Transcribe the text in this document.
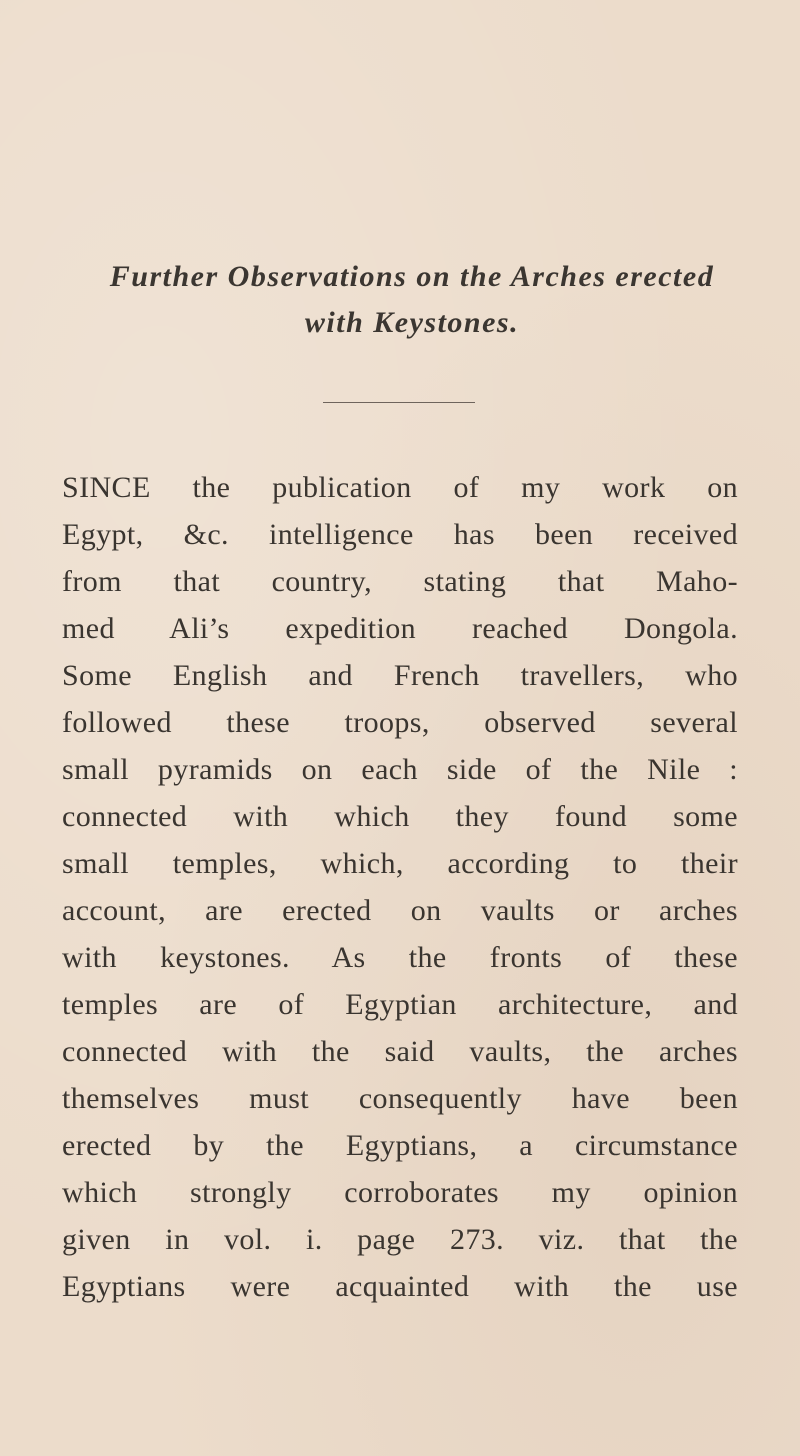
Further Observations on the Arches erected
with Keystones.
SINCE the publication of my work on
Egypt, &c. intelligence has been received
from that country, stating that Maho-
med Ali’s expedition reached Dongola.
Some English and French travellers, who
followed these troops, observed several
small pyramids on each side of the Nile :
connected with which they found some
small temples, which, according to their
account, are erected on vaults or arches
with keystones. As the fronts of these
temples are of Egyptian architecture, and
connected with the said vaults, the arches
themselves must consequently have been
erected by the Egyptians, a circumstance
which strongly corroborates my opinion
given in vol. i. page 273. viz. that the
Egyptians were acquainted with the use
